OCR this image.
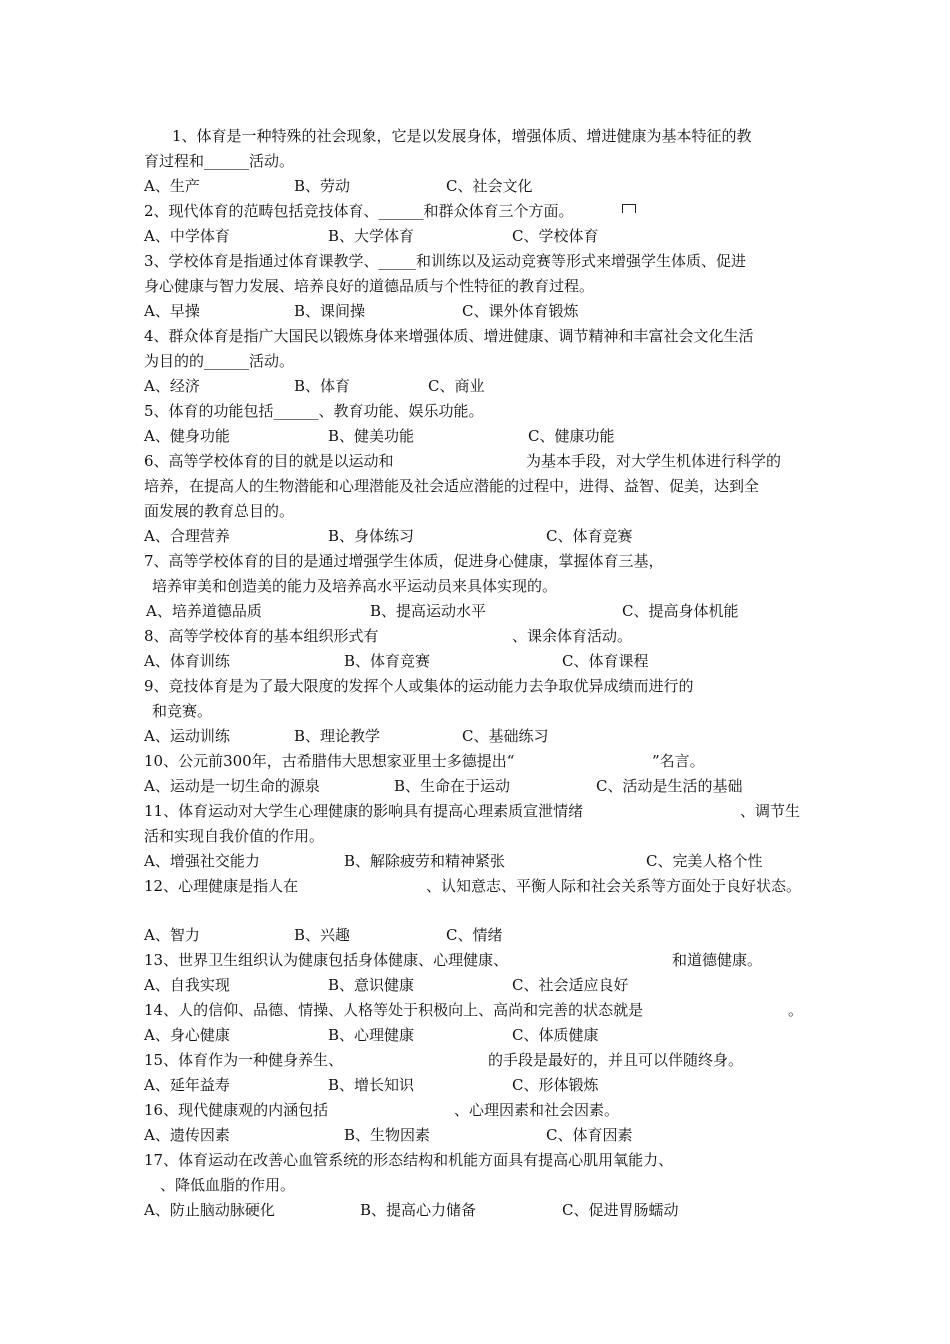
1、体育是一种特殊的社会现象，它是以发展身体，增强体质、增进健康为基本特征的教
育过程和______活动。
A、生产	B、劳动	C、社会文化
2、现代体育的范畴包括竞技体育、______和群众体育三个方面。
A、中学体育	B、大学体育	C、学校体育
3、学校体育是指通过体育课教学、_____和训练以及运动竞赛等形式来增强学生体质、促进
身心健康与智力发展、培养良好的道德品质与个性特征的教育过程。
A、早操	B、课间操	C、课外体育锻炼
4、群众体育是指广大国民以锻炼身体来增强体质、增进健康、调节精神和丰富社会文化生活
为目的的______活动。
A、经济	B、体育	C、商业
5、体育的功能包括______、教育功能、娱乐功能。
A、健身功能	B、健美功能	C、健康功能
6、高等学校体育的目的就是以运动和	为基本手段，对大学生机体进行科学的
培养，在提高人的生物潜能和心理潜能及社会适应潜能的过程中，进得、益智、促美，达到全
面发展的教育总目的。
A、合理营养	B、身体练习	C、体育竞赛
7、高等学校体育的目的是通过增强学生体质，促进身心健康，掌握体育三基，
培养审美和创造美的能力及培养高水平运动员来具体实现的。
A、培养道德品质	B、提高运动水平	C、提高身体机能
8、高等学校体育的基本组织形式有	、课余体育活动。
A、体育训练	B、体育竞赛	C、体育课程
9、竞技体育是为了最大限度的发挥个人或集体的运动能力去争取优异成绩而进行的
和竞赛。
A、运动训练	B、理论教学	C、基础练习
10、公元前300年，古希腊伟大思想家亚里士多德提出“	”名言。
A、运动是一切生命的源泉	B、生命在于运动	C、活动是生活的基础
11、体育运动对大学生心理健康的影响具有提高心理素质宣泄情绪	、调节生
活和实现自我价值的作用。
A、增强社交能力	B、解除疲劳和精神紧张	C、完美人格个性
12、心理健康是指人在	、认知意志、平衡人际和社会关系等方面处于良好状态。
A、智力	B、兴趣	C、情绪
13、世界卫生组织认为健康包括身体健康、心理健康、	和道德健康。
A、自我实现	B、意识健康	C、社会适应良好
14、人的信仰、品德、情操、人格等处于积极向上、高尚和完善的状态就是	。
A、身心健康	B、心理健康	C、体质健康
15、体育作为一种健身养生、	的手段是最好的，并且可以伴随终身。
A、延年益寿	B、增长知识	C、形体锻炼
16、现代健康观的内涵包括	、心理因素和社会因素。
A、遗传因素	B、生物因素	C、体育因素
17、体育运动在改善心血管系统的形态结构和机能方面具有提高心肌用氧能力、
、降低血脂的作用。
A、防止脑动脉硬化	B、提高心力储备	C、促进胃肠蠕动
